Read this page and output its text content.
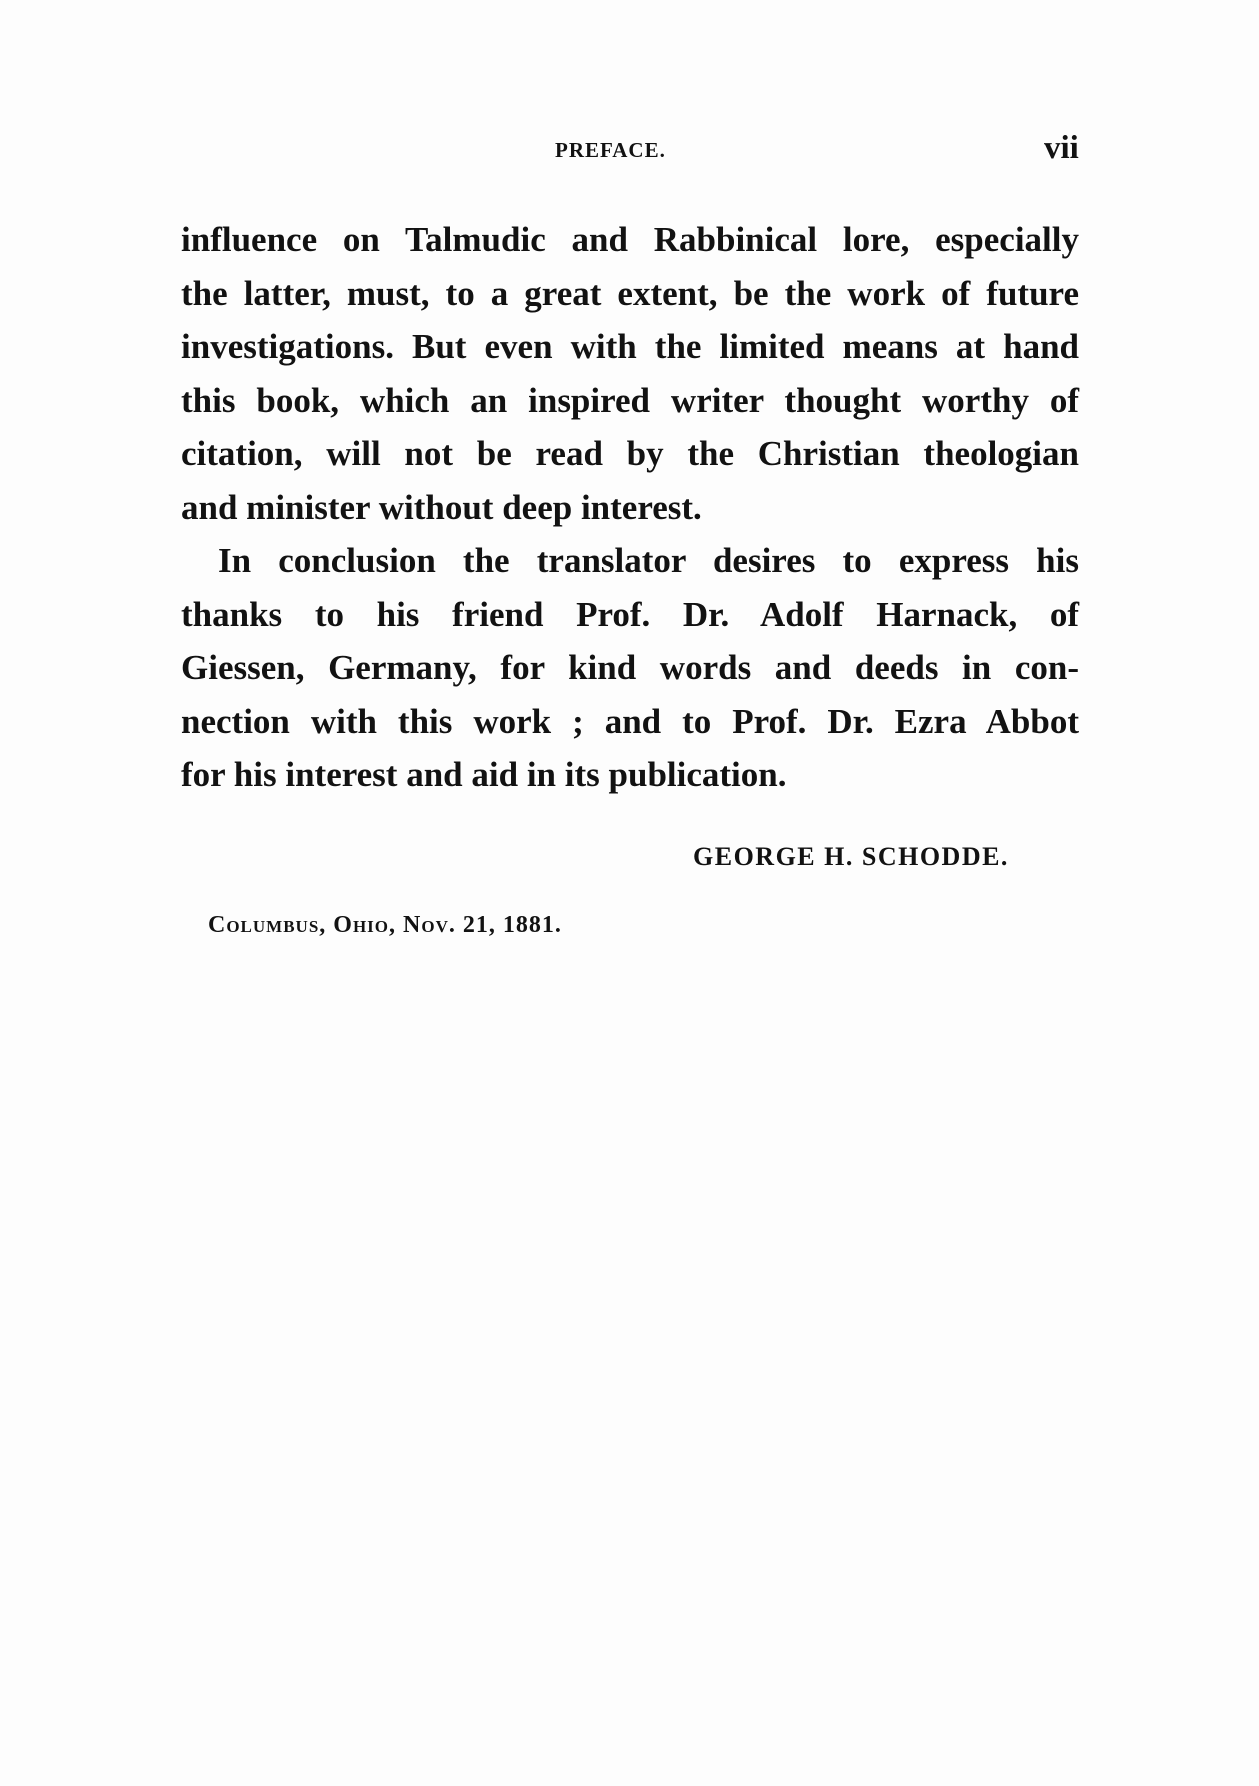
PREFACE.	vii
influence on Talmudic and Rabbinical lore, especially
the latter, must, to a great extent, be the work of future
investigations. But even with the limited means at hand
this book, which an inspired writer thought worthy of
citation, will not be read by the Christian theologian
and minister without deep interest.
In conclusion the translator desires to express his
thanks to his friend Prof. Dr. Adolf Harnack, of
Giessen, Germany, for kind words and deeds in con-
nection with this work ; and to Prof. Dr. Ezra Abbot
for his interest and aid in its publication.
GEORGE H. SCHODDE.
Columbus, Ohio, Nov. 21, 1881.
